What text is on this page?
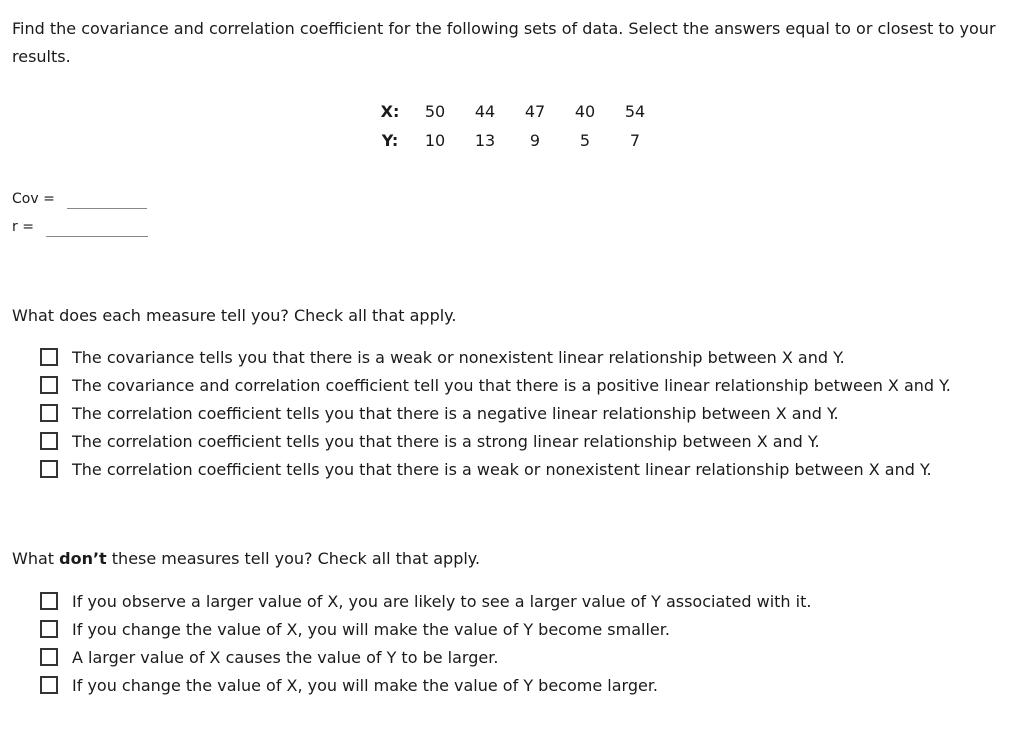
Find the covariance and correlation coefficient for the following sets of data. Select the answers equal to or closest to your results.
X:	50	44	47	40	54
Y:	10	13	9	5	7
Cov =
r =
What does each measure tell you? Check all that apply.
The covariance tells you that there is a weak or nonexistent linear relationship between X and Y.
The covariance and correlation coefficient tell you that there is a positive linear relationship between X and Y.
The correlation coefficient tells you that there is a negative linear relationship between X and Y.
The correlation coefficient tells you that there is a strong linear relationship between X and Y.
The correlation coefficient tells you that there is a weak or nonexistent linear relationship between X and Y.
What don’t these measures tell you? Check all that apply.
If you observe a larger value of X, you are likely to see a larger value of Y associated with it.
If you change the value of X, you will make the value of Y become smaller.
A larger value of X causes the value of Y to be larger.
If you change the value of X, you will make the value of Y become larger.
